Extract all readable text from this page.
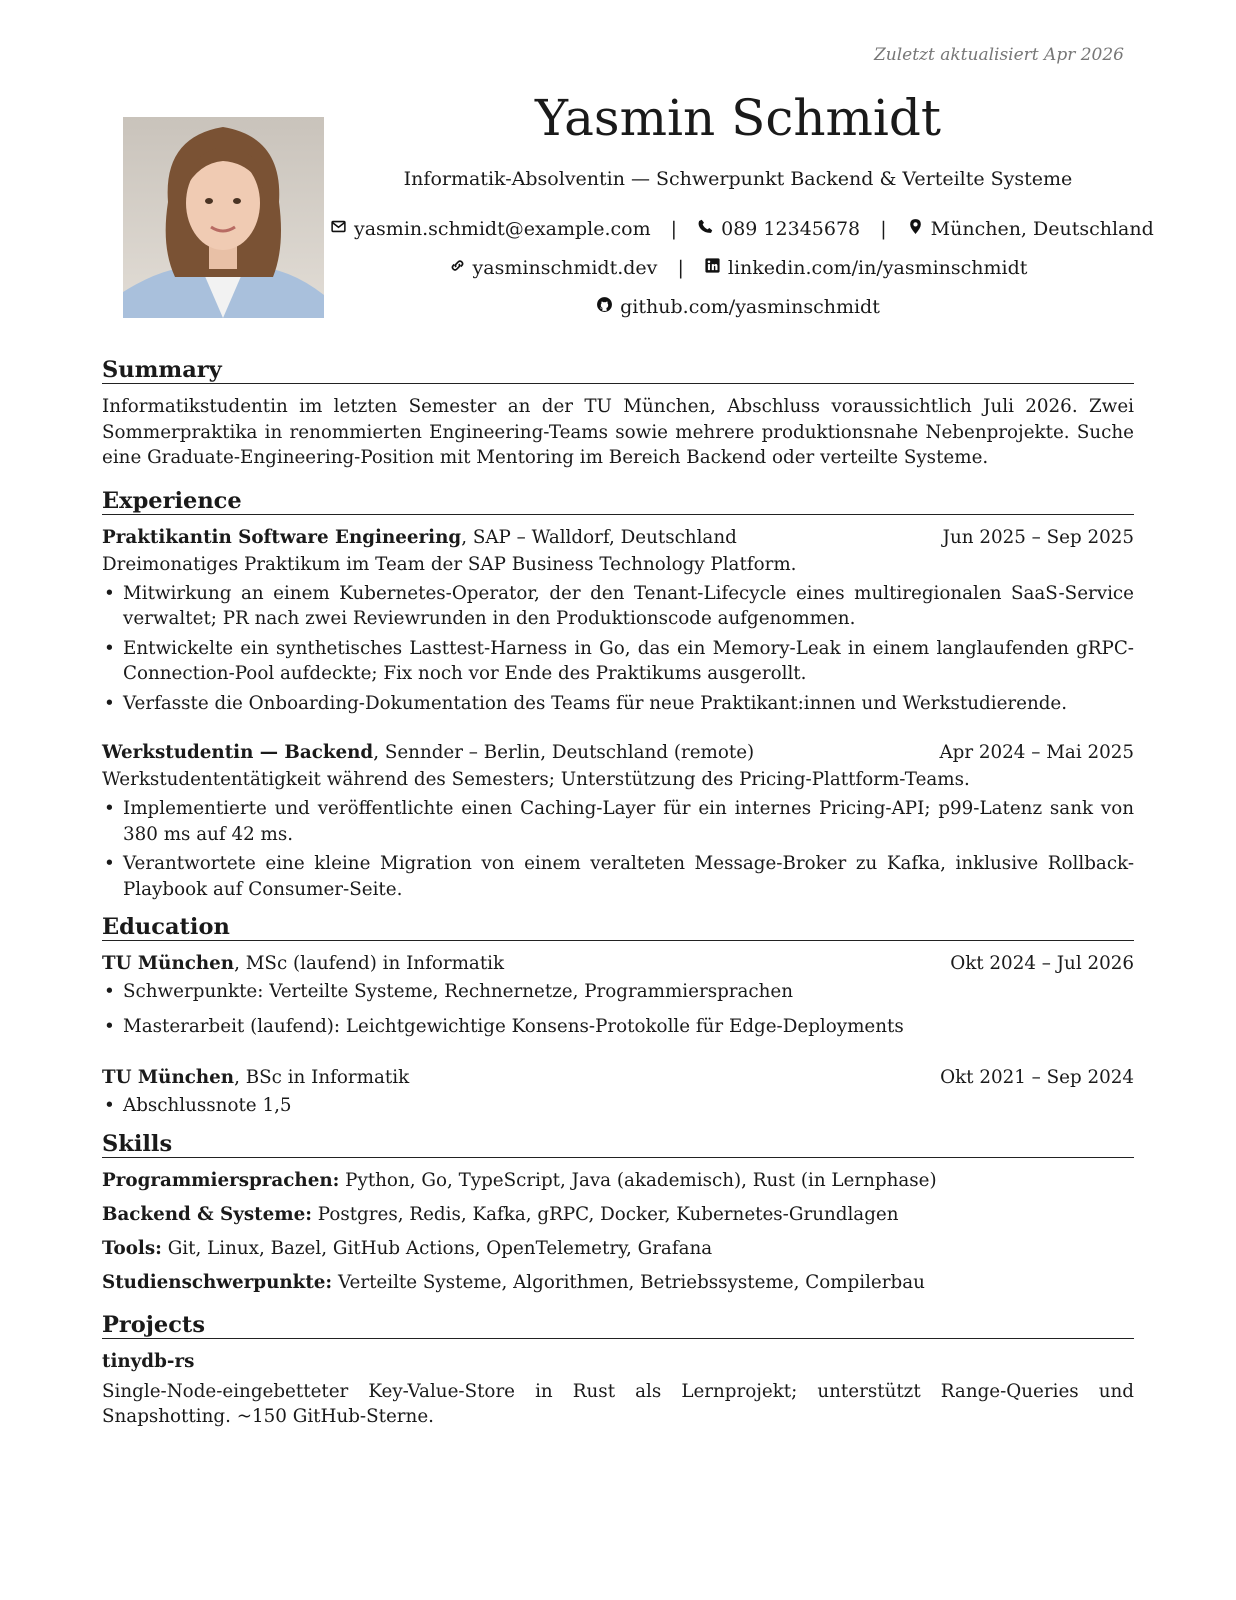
Zuletzt aktualisiert Apr 2026
Yasmin Schmidt
Informatik-Absolventin — Schwerpunkt Backend & Verteilte Systeme
yasmin.schmidt@example.com | 089 12345678 | München, Deutschland
yasminschmidt.dev | linkedin.com/in/yasminschmidt
github.com/yasminschmidt
Summary
Informatikstudentin im letzten Semester an der TU München, Abschluss voraussichtlich Juli 2026. Zwei Sommerpraktika in renommierten Engineering-Teams sowie mehrere produktionsnahe Nebenprojekte. Suche eine Graduate-Engineering-Position mit Mentoring im Bereich Backend oder verteilte Systeme.
Experience
Praktikantin Software Engineering, SAP – Walldorf, Deutschland	Jun 2025 – Sep 2025
Dreimonatiges Praktikum im Team der SAP Business Technology Platform.
• Mitwirkung an einem Kubernetes-Operator, der den Tenant-Lifecycle eines multiregionalen SaaS-Service verwaltet; PR nach zwei Reviewrunden in den Produktionscode aufgenommen.
• Entwickelte ein synthetisches Lasttest-Harness in Go, das ein Memory-Leak in einem langlaufenden gRPC-Connection-Pool aufdeckte; Fix noch vor Ende des Praktikums ausgerollt.
• Verfasste die Onboarding-Dokumentation des Teams für neue Praktikant:innen und Werkstudierende.
Werkstudentin — Backend, Sennder – Berlin, Deutschland (remote)	Apr 2024 – Mai 2025
Werkstudententätigkeit während des Semesters; Unterstützung des Pricing-Plattform-Teams.
• Implementierte und veröffentlichte einen Caching-Layer für ein internes Pricing-API; p99-Latenz sank von 380 ms auf 42 ms.
• Verantwortete eine kleine Migration von einem veralteten Message-Broker zu Kafka, inklusive Rollback-Playbook auf Consumer-Seite.
Education
TU München, MSc (laufend) in Informatik	Okt 2024 – Jul 2026
• Schwerpunkte: Verteilte Systeme, Rechnernetze, Programmiersprachen
• Masterarbeit (laufend): Leichtgewichtige Konsens-Protokolle für Edge-Deployments
TU München, BSc in Informatik	Okt 2021 – Sep 2024
• Abschlussnote 1,5
Skills
Programmiersprachen: Python, Go, TypeScript, Java (akademisch), Rust (in Lernphase)
Backend & Systeme: Postgres, Redis, Kafka, gRPC, Docker, Kubernetes-Grundlagen
Tools: Git, Linux, Bazel, GitHub Actions, OpenTelemetry, Grafana
Studienschwerpunkte: Verteilte Systeme, Algorithmen, Betriebssysteme, Compilerbau
Projects
tinydb-rs
Single-Node-eingebetteter Key-Value-Store in Rust als Lernprojekt; unterstützt Range-Queries und Snapshotting. ~150 GitHub-Sterne.
